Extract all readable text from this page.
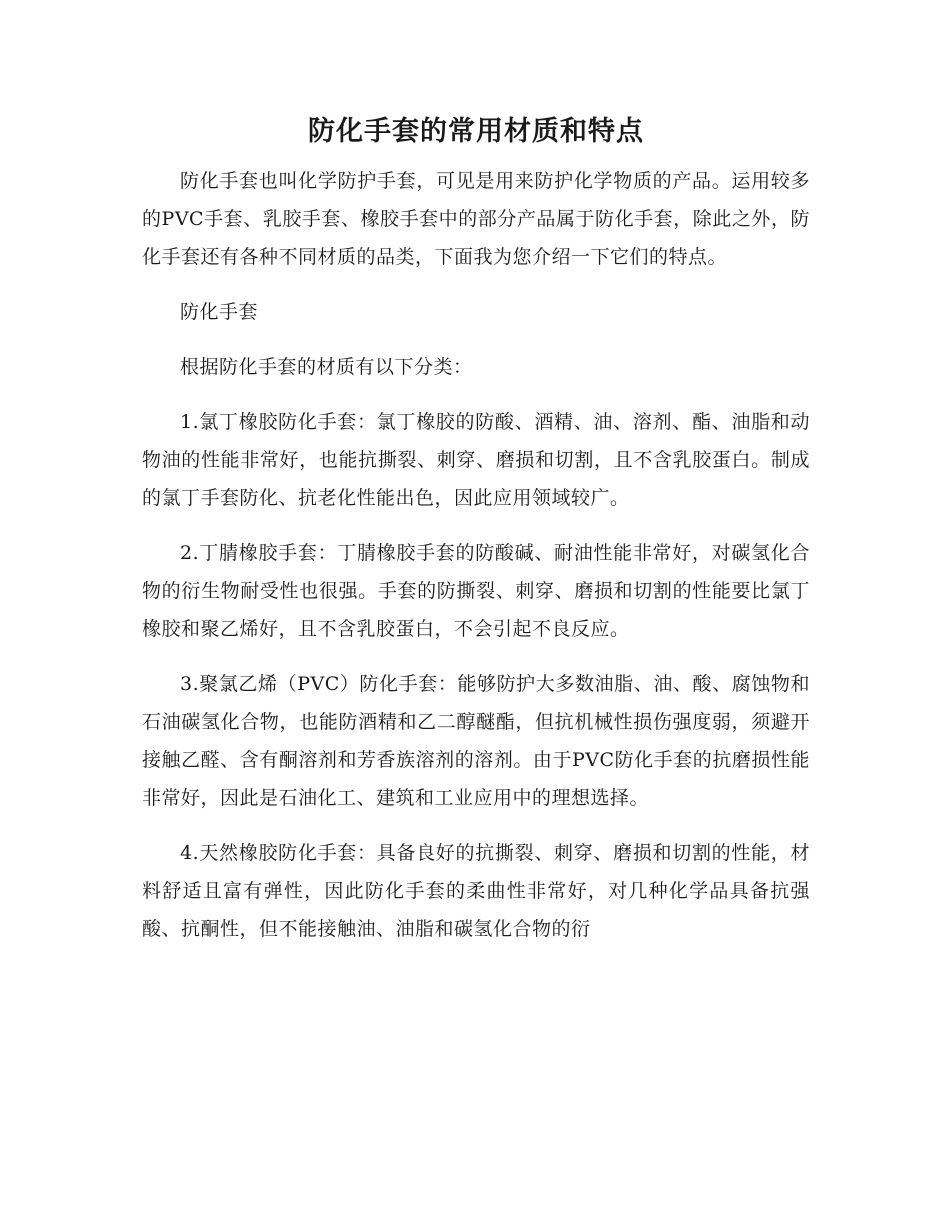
防化手套的常用材质和特点

防化手套也叫化学防护手套，可见是用来防护化学物质的产品。运用较多的PVC手套、乳胶手套、橡胶手套中的部分产品属于防化手套，除此之外，防化手套还有各种不同材质的品类，下面我为您介绍一下它们的特点。

防化手套

根据防化手套的材质有以下分类：

1.氯丁橡胶防化手套：氯丁橡胶的防酸、酒精、油、溶剂、酯、油脂和动物油的性能非常好，也能抗撕裂、刺穿、磨损和切割，且不含乳胶蛋白。制成的氯丁手套防化、抗老化性能出色，因此应用领域较广。

2.丁腈橡胶手套：丁腈橡胶手套的防酸碱、耐油性能非常好，对碳氢化合物的衍生物耐受性也很强。手套的防撕裂、刺穿、磨损和切割的性能要比氯丁橡胶和聚乙烯好，且不含乳胶蛋白，不会引起不良反应。

3.聚氯乙烯（PVC）防化手套：能够防护大多数油脂、油、酸、腐蚀物和石油碳氢化合物，也能防酒精和乙二醇醚酯，但抗机械性损伤强度弱，须避开接触乙醛、含有酮溶剂和芳香族溶剂的溶剂。由于PVC防化手套的抗磨损性能非常好，因此是石油化工、建筑和工业应用中的理想选择。

4.天然橡胶防化手套：具备良好的抗撕裂、刺穿、磨损和切割的性能，材料舒适且富有弹性，因此防化手套的柔曲性非常好，对几种化学品具备抗强酸、抗酮性，但不能接触油、油脂和碳氢化合物的衍
